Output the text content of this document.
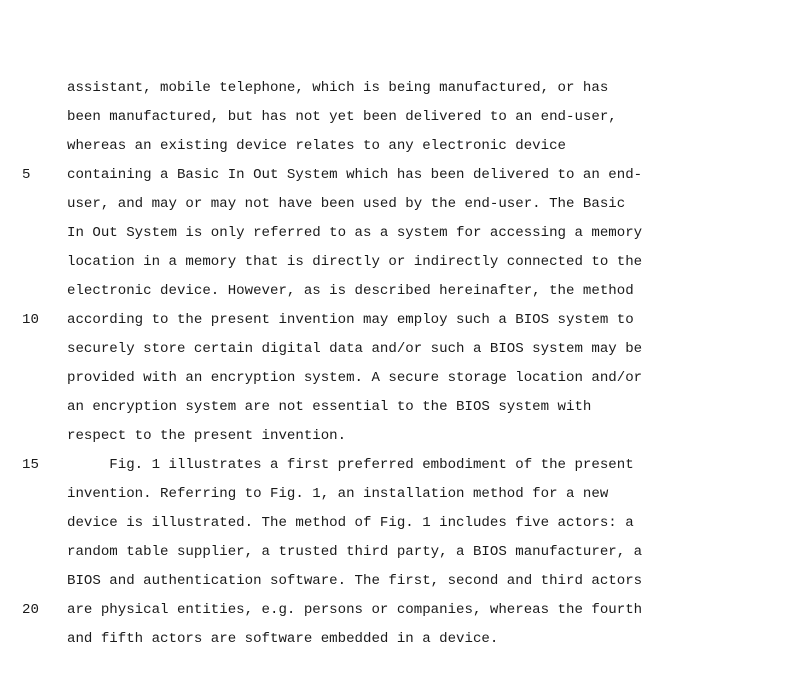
assistant, mobile telephone, which is being manufactured, or has

been manufactured, but has not yet been delivered to an end-user,

whereas an existing device relates to any electronic device

containing a Basic In Out System which has been delivered to an end-

5

user, and may or may not have been used by the end-user. The Basic

In Out System is only referred to as a system for accessing a memory

location in a memory that is directly or indirectly connected to the

electronic device. However, as is described hereinafter, the method

according to the present invention may employ such a BIOS system to

10

securely store certain digital data and/or such a BIOS system may be

provided with an encryption system. A secure storage location and/or

an encryption system are not essential to the BIOS system with

respect to the present invention.

Fig. 1 illustrates a first preferred embodiment of the present

15

invention. Referring to Fig. 1, an installation method for a new

device is illustrated. The method of Fig. 1 includes five actors: a

random table supplier, a trusted third party, a BIOS manufacturer, a

BIOS and authentication software. The first, second and third actors

are physical entities, e.g. persons or companies, whereas the fourth

20

and fifth actors are software embedded in a device.
